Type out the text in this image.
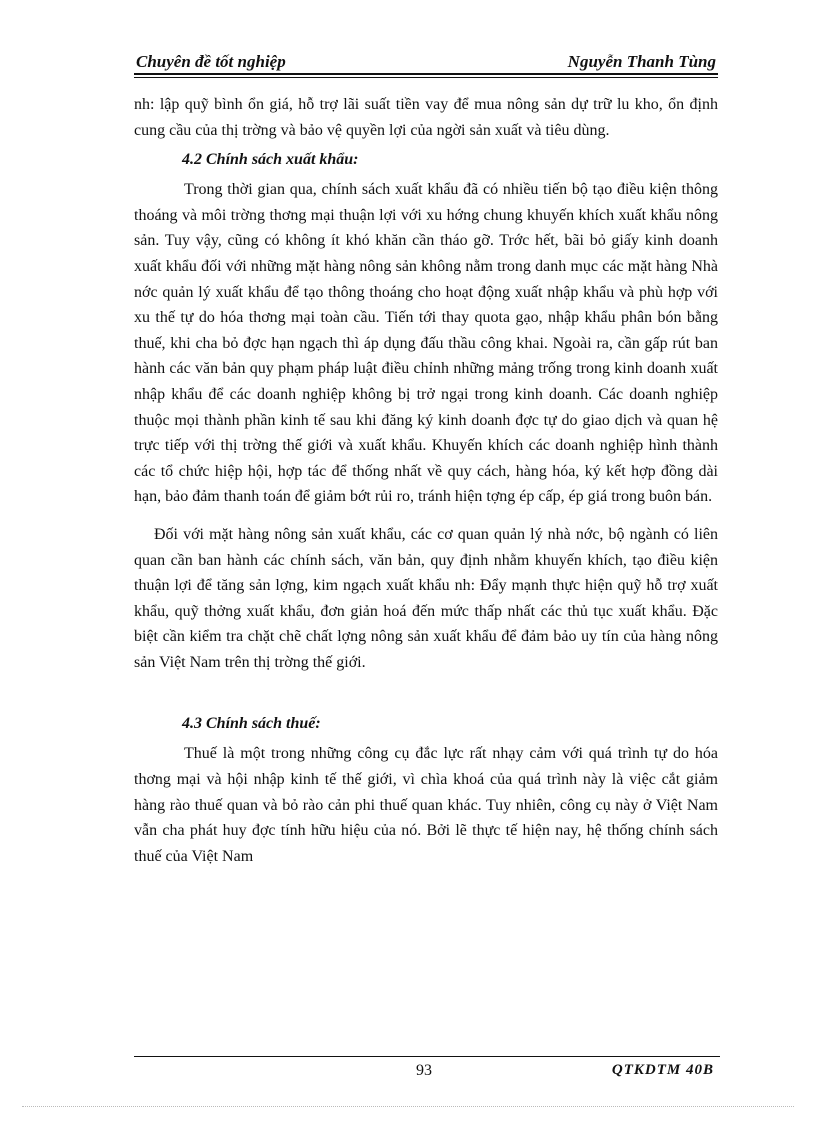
Chuyên đề tốt nghiệp	Nguyễn Thanh Tùng

nh: lập quỹ bình ổn giá, hỗ trợ lãi suất tiền vay để mua nông sản dự trữ lu kho, ổn định cung cầu của thị trờng và bảo vệ quyền lợi của ngời sản xuất và tiêu dùng.

4.2 Chính sách xuất khẩu:

Trong thời gian qua, chính sách xuất khẩu đã có nhiều tiến bộ tạo điều kiện thông thoáng và môi trờng thơng mại thuận lợi với xu hớng chung khuyến khích xuất khẩu nông sản. Tuy vậy, cũng có không ít khó khăn cần tháo gỡ. Trớc hết, bãi bỏ giấy kinh doanh xuất khẩu đối với những mặt hàng nông sản không nằm trong danh mục các mặt hàng Nhà nớc quản lý xuất khẩu để tạo thông thoáng cho hoạt động xuất nhập khẩu và phù hợp với xu thế tự do hóa thơng mại toàn cầu. Tiến tới thay quota gạo, nhập khẩu phân bón bằng thuế, khi cha bỏ đợc hạn ngạch thì áp dụng đấu thầu công khai. Ngoài ra, cần gấp rút ban hành các văn bản quy phạm pháp luật điều chỉnh những mảng trống trong kinh doanh xuất nhập khẩu để các doanh nghiệp không bị trở ngại trong kinh doanh. Các doanh nghiệp thuộc mọi thành phần kinh tế sau khi đăng ký kinh doanh đợc tự do giao dịch và quan hệ trực tiếp với thị trờng thế giới và xuất khẩu. Khuyến khích các doanh nghiệp hình thành các tổ chức hiệp hội, hợp tác để thống nhất về quy cách, hàng hóa, ký kết hợp đồng dài hạn, bảo đảm thanh toán để giảm bớt rủi ro, tránh hiện tợng ép cấp, ép giá trong buôn bán.

Đối với mặt hàng nông sản xuất khẩu, các cơ quan quản lý nhà nớc, bộ ngành có liên quan cần ban hành các chính sách, văn bản, quy định nhằm khuyến khích, tạo điều kiện thuận lợi để tăng sản lợng, kim ngạch xuất khẩu nh: Đẩy mạnh thực hiện quỹ hỗ trợ xuất khẩu, quỹ thởng xuất khẩu, đơn giản hoá đến mức thấp nhất các thủ tục xuất khẩu. Đặc biệt cần kiểm tra chặt chẽ chất lợng nông sản xuất khẩu để đảm bảo uy tín của hàng nông sản Việt Nam trên thị trờng thế giới.

4.3 Chính sách thuế:

Thuế là một trong những công cụ đắc lực rất nhạy cảm với quá trình tự do hóa thơng mại và hội nhập kinh tế thế giới, vì chìa khoá của quá trình này là việc cắt giảm hàng rào thuế quan và bỏ rào cản phi thuế quan khác. Tuy nhiên, công cụ này ở Việt Nam vẫn cha phát huy đợc tính hữu hiệu của nó. Bởi lẽ thực tế hiện nay, hệ thống chính sách thuế của Việt Nam

93	QTKDTM 40B
